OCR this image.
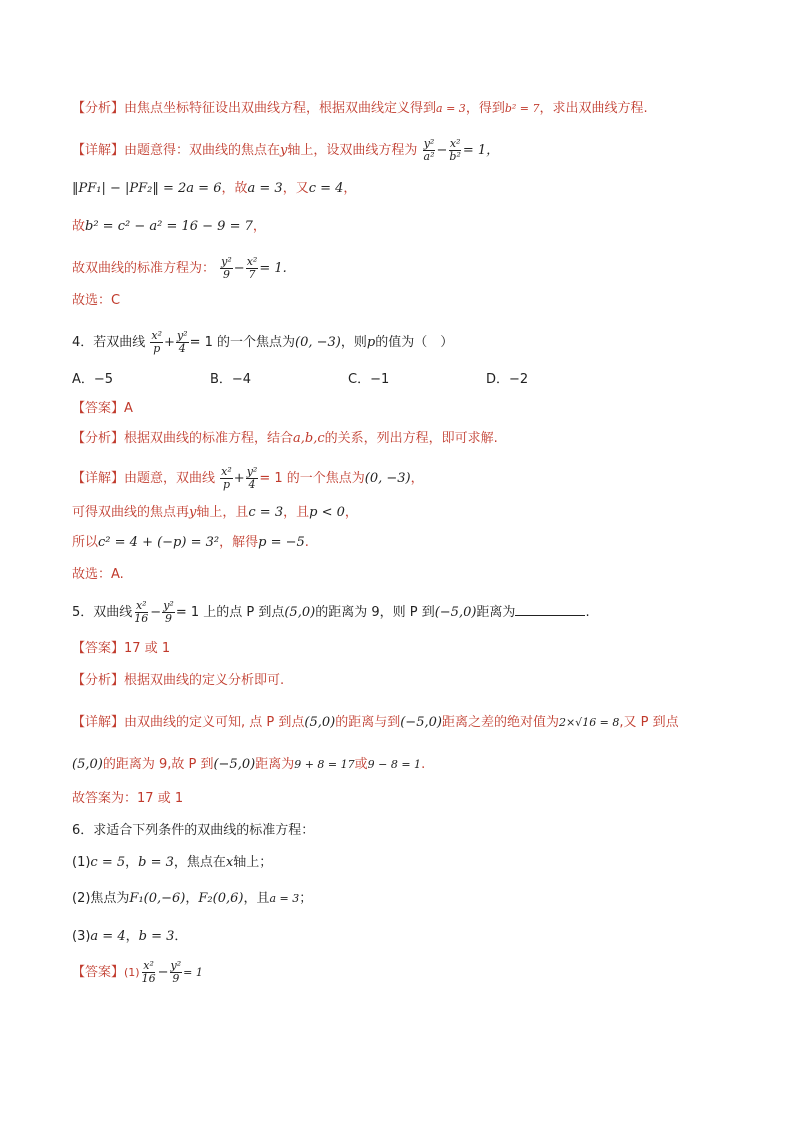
【分析】由焦点坐标特征设出双曲线方程，根据双曲线定义得到a = 3，得到b² = 7，求出双曲线方程.
【详解】由题意得：双曲线的焦点在y轴上，设双曲线方程为 $\frac{\text{y²}}{\text{a²}} - \frac{\text{x²}}{\text{b²}} = 1$，
‖PF₁| − |PF₂‖ = 2a = 6，故a = 3，又c = 4，
故b² = c² − a² = 16 − 9 = 7，
故双曲线的标准方程为： $\frac{\text{y²}}{9} - \frac{\text{x²}}{7} = 1$.
故选：C
4．若双曲线 $\frac{\text{x²}}{p} + \frac{\text{y²}}{4} = 1$ 的一个焦点为(0, −3)，则p的值为（　）
A．−5	B．−4	C．−1	D．−2
【答案】A
【分析】根据双曲线的标准方程，结合a,b,c的关系，列出方程，即可求解.
【详解】由题意，双曲线 $\frac{\text{x²}}{p} + \frac{\text{y²}}{4} = 1$ 的一个焦点为(0, −3)，
可得双曲线的焦点再y轴上，且c = 3，且p < 0，
所以c² = 4 + (−p) = 3²，解得p = −5.
故选：A.
5．双曲线 $\frac{\text{x²}}{16} - \frac{\text{y²}}{9} = 1$ 上的点 P 到点(5,0)的距离为 9，则 P 到(−5,0)距离为	.
【答案】17 或 1
【分析】根据双曲线的定义分析即可.
【详解】由双曲线的定义可知, 点 P 到点(5,0)的距离与到(−5,0)距离之差的绝对值为2×√16 = 8,又 P 到点
(5,0)的距离为 9,故 P 到(−5,0)距离为9 + 8 = 17或9 − 8 = 1.
故答案为：17 或 1
6．求适合下列条件的双曲线的标准方程：
(1)c = 5，b = 3，焦点在x轴上；
(2)焦点为F₁(0,−6)，F₂(0,6)，且a = 3；
(3)a = 4，b = 3．
【答案】$(1) \frac{\text{x²}}{16} - \frac{\text{y²}}{9} = 1$
